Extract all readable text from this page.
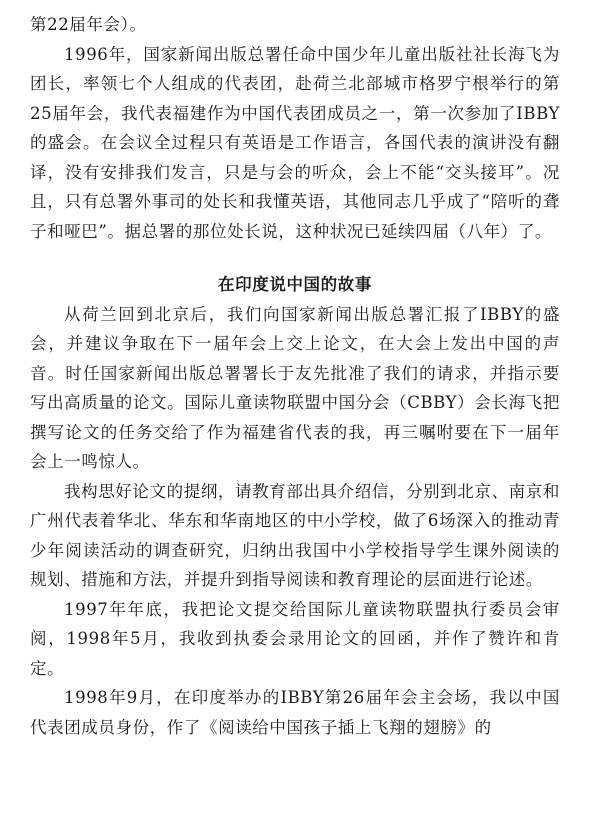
第22届年会）。

1996年，国家新闻出版总署任命中国少年儿童出版社社长海飞为团长，率领七个人组成的代表团，赴荷兰北部城市格罗宁根举行的第25届年会，我代表福建作为中国代表团成员之一，第一次参加了IBBY的盛会。在会议全过程只有英语是工作语言，各国代表的演讲没有翻译，没有安排我们发言，只是与会的听众，会上不能“交头接耳”。况且，只有总署外事司的处长和我懂英语，其他同志几乎成了“陪听的聋子和哑巴”。据总署的那位处长说，这种状况已延续四届（八年）了。

在印度说中国的故事

从荷兰回到北京后，我们向国家新闻出版总署汇报了IBBY的盛会，并建议争取在下一届年会上交上论文，在大会上发出中国的声音。时任国家新闻出版总署署长于友先批准了我们的请求，并指示要写出高质量的论文。国际儿童读物联盟中国分会（CBBY）会长海飞把撰写论文的任务交给了作为福建省代表的我，再三嘱咐要在下一届年会上一鸣惊人。

我构思好论文的提纲，请教育部出具介绍信，分别到北京、南京和广州代表着华北、华东和华南地区的中小学校，做了6场深入的推动青少年阅读活动的调查研究，归纳出我国中小学校指导学生课外阅读的规划、措施和方法，并提升到指导阅读和教育理论的层面进行论述。

1997年年底，我把论文提交给国际儿童读物联盟执行委员会审阅，1998年5月，我收到执委会录用论文的回函，并作了赞许和肯定。

1998年9月，在印度举办的IBBY第26届年会主会场，我以中国代表团成员身份，作了《阅读给中国孩子插上飞翔的翅膀》的
